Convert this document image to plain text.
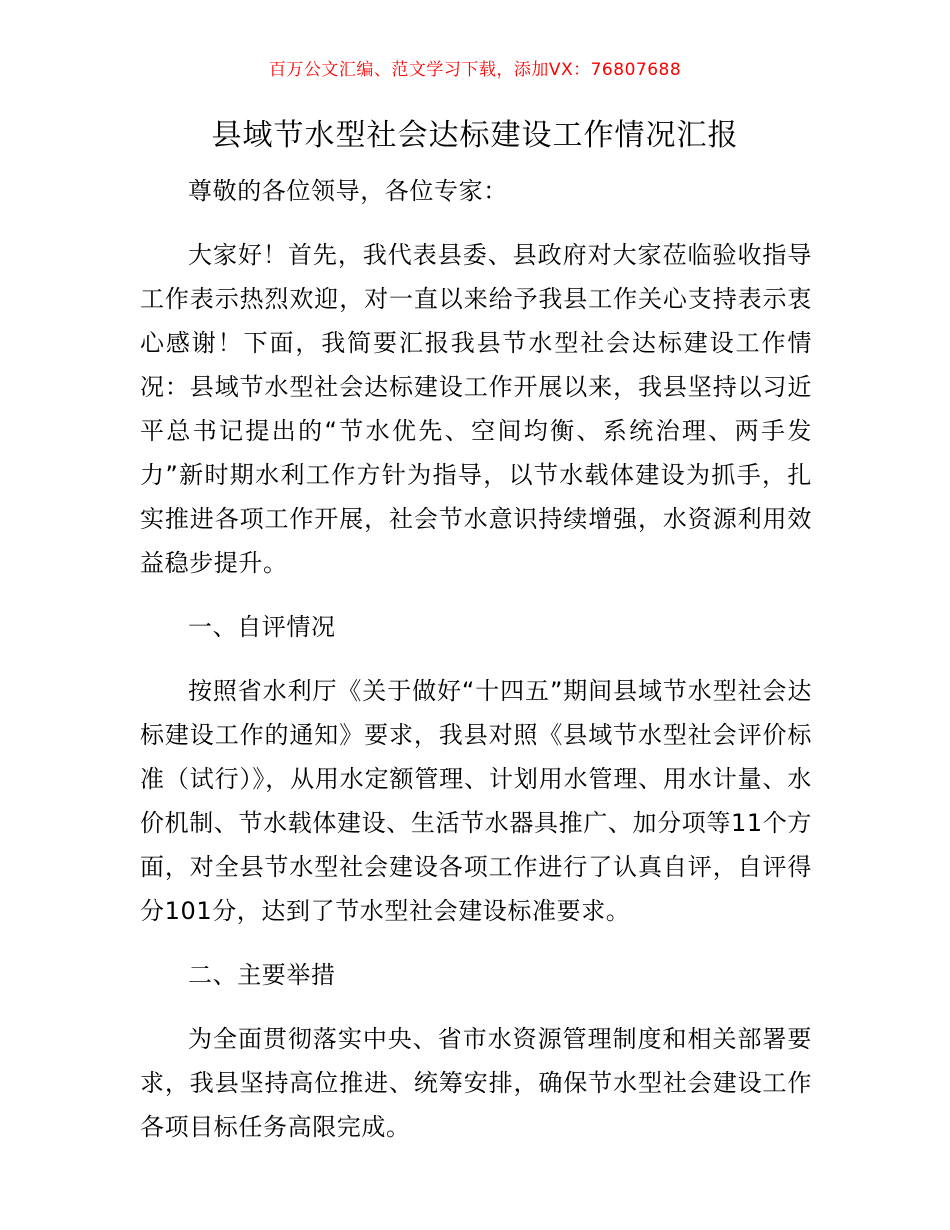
百万公文汇编、范文学习下载，添加VX：76807688
县域节水型社会达标建设工作情况汇报

尊敬的各位领导，各位专家：

大家好！首先，我代表县委、县政府对大家莅临验收指导工作表示热烈欢迎，对一直以来给予我县工作关心支持表示衷心感谢！下面，我简要汇报我县节水型社会达标建设工作情况：县域节水型社会达标建设工作开展以来，我县坚持以习近平总书记提出的“节水优先、空间均衡、系统治理、两手发力”新时期水利工作方针为指导，以节水载体建设为抓手，扎实推进各项工作开展，社会节水意识持续增强，水资源利用效益稳步提升。

一、自评情况

按照省水利厅《关于做好“十四五”期间县域节水型社会达标建设工作的通知》要求，我县对照《县域节水型社会评价标准（试行）》，从用水定额管理、计划用水管理、用水计量、水价机制、节水载体建设、生活节水器具推广、加分项等11个方面，对全县节水型社会建设各项工作进行了认真自评，自评得分101分，达到了节水型社会建设标准要求。

二、主要举措

为全面贯彻落实中央、省市水资源管理制度和相关部署要求，我县坚持高位推进、统筹安排，确保节水型社会建设工作各项目标任务高限完成。
